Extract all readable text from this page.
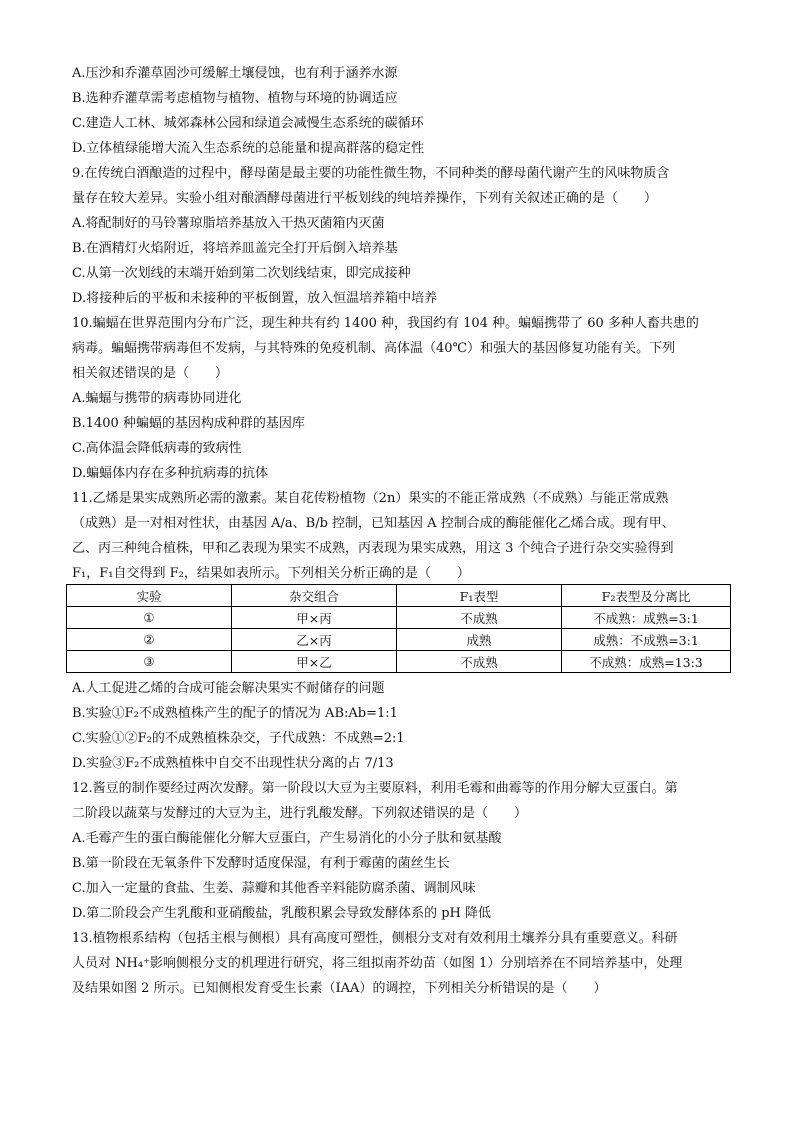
A.压沙和乔灌草固沙可缓解土壤侵蚀，也有利于涵养水源
B.选种乔灌草需考虑植物与植物、植物与环境的协调适应
C.建造人工林、城郊森林公园和绿道会减慢生态系统的碳循环
D.立体植绿能增大流入生态系统的总能量和提高群落的稳定性
9.在传统白酒酿造的过程中，酵母菌是最主要的功能性微生物，不同种类的酵母菌代谢产生的风味物质含
量存在较大差异。实验小组对酿酒酵母菌进行平板划线的纯培养操作，下列有关叙述正确的是（　　）
A.将配制好的马铃薯琼脂培养基放入干热灭菌箱内灭菌
B.在酒精灯火焰附近，将培养皿盖完全打开后倒入培养基
C.从第一次划线的末端开始到第二次划线结束，即完成接种
D.将接种后的平板和未接种的平板倒置，放入恒温培养箱中培养
10.蝙蝠在世界范围内分布广泛，现生种共有约 1400 种，我国约有 104 种。蝙蝠携带了 60 多种人畜共患的
病毒。蝙蝠携带病毒但不发病，与其特殊的免疫机制、高体温（40℃）和强大的基因修复功能有关。下列
相关叙述错误的是（　　）
A.蝙蝠与携带的病毒协同进化
B.1400 种蝙蝠的基因构成种群的基因库
C.高体温会降低病毒的致病性
D.蝙蝠体内存在多种抗病毒的抗体
11.乙烯是果实成熟所必需的激素。某自花传粉植物（2n）果实的不能正常成熟（不成熟）与能正常成熟
（成熟）是一对相对性状，由基因 A/a、B/b 控制，已知基因 A 控制合成的酶能催化乙烯合成。现有甲、
乙、丙三种纯合植株，甲和乙表现为果实不成熟，丙表现为果实成熟，用这 3 个纯合子进行杂交实验得到
F₁，F₁自交得到 F₂，结果如表所示。下列相关分析正确的是（　　）
实验	杂交组合	F₁表型	F₂表型及分离比
①	甲×丙	不成熟	不成熟：成熟=3:1
②	乙×丙	成熟	成熟：不成熟=3:1
③	甲×乙	不成熟	不成熟：成熟=13:3
A.人工促进乙烯的合成可能会解决果实不耐储存的问题
B.实验①F₂不成熟植株产生的配子的情况为 AB:Ab=1:1
C.实验①②F₂的不成熟植株杂交，子代成熟：不成熟=2:1
D.实验③F₂不成熟植株中自交不出现性状分离的占 7/13
12.酱豆的制作要经过两次发酵。第一阶段以大豆为主要原料，利用毛霉和曲霉等的作用分解大豆蛋白。第
二阶段以蔬菜与发酵过的大豆为主，进行乳酸发酵。下列叙述错误的是（　　）
A.毛霉产生的蛋白酶能催化分解大豆蛋白，产生易消化的小分子肽和氨基酸
B.第一阶段在无氧条件下发酵时适度保湿，有利于霉菌的菌丝生长
C.加入一定量的食盐、生姜、蒜瓣和其他香辛料能防腐杀菌、调制风味
D.第二阶段会产生乳酸和亚硝酸盐，乳酸积累会导致发酵体系的 pH 降低
13.植物根系结构（包括主根与侧根）具有高度可塑性，侧根分支对有效利用土壤养分具有重要意义。科研
人员对 NH₄⁺影响侧根分支的机理进行研究，将三组拟南芥幼苗（如图 1）分别培养在不同培养基中，处理
及结果如图 2 所示。已知侧根发育受生长素（IAA）的调控，下列相关分析错误的是（　　）
